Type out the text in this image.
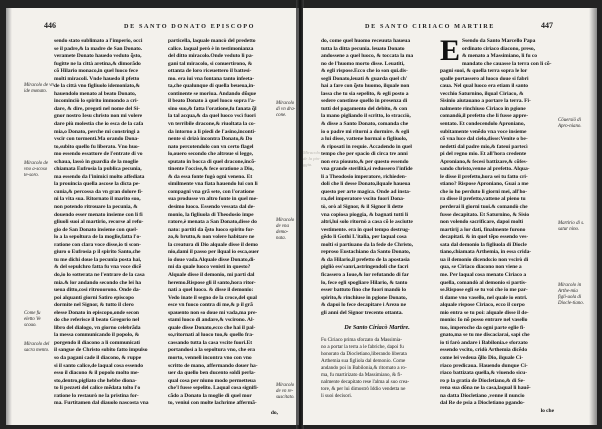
446	DE SANTO DONATO EPISCOPO
sendo stato sublimato a l'imperio, occi
se il padre,& la madre de San Donato.
veramete Donato hauedo veduto q̃sto,
fugitte ne la città aretina,& dimorãdo
cõ Hilario monaco,in quel luoco fece
molti miracoli. Vnde hauedo il pfetto
de la città vno figliuolo idemoniato,&
hauendolo menato al beato Donato,
incominciò lo spirito immondo a cri-
dare, & dire, pregoti nel nome del Si-
gnor nostro Iesu christo non mi volere
dare più molestia che io esca de la cafa
mia,o Donato, perche mi constringi a
vscir con tormenti.Ma orando Dona-
to,subito quello fu liberato. Vno huo-
mo essendo essattore de l'entrate di vo
schaua, lassò in guardia de la moglie
chiamata Eufrosia la publica pecunia,
ma essendo da l'inimici molto affediata
la prouincia quella ascose la dicta pe-
cunia,& percossa da vn gran dolore fi-
ni la vita sua. Ritornato il marito suo,
non potendo ritrouare la pecunia, &
douendo esser menato insieme con li fi
gliuoli suoi al martirio, recorse al refu-
gio de San Donato insieme con quel-
lo a la sepoltura de la moglie,fatta l'o-
ratione con clara voce disse,io ti scon-
giuro o Eufrosia p il spirito Santo,che
tu me dichi doue la pecunia posta hai,
& del sepulchro fatta fu vna voce dicē
do,io lo sotterata ne l'entrare de la casa
mia.& lor andando secondo che lei ha
ueua ditto,cosi ritrouorono. Onde da-
poi alquanti giorni Satiro episcopo
dormite nel Signor, & tutto il clero
elesse Donato in episcopo,onde secon
do che referisce il beato Gregorio nel
libro del dialogo, vn giorno celebrāda
la messa communicando il popolo, &
porgendo il diacono a li communicati
il sangue de Christo subito fatto impulso
so da pagani cade il diacono, & ruppe
si il santo calice,de laqual cosa essendo
esso il diacono & il popolo molto me-
sto,dentro,pigliato che hebbe diona-
to li pezzeti del calice mēdata tolto l'o
ratione lo restaurò ne la pristina for-
ma. Furtitamen dal diauolo nascosta vna
particella, laquale mancò del predetto
calice. laqual però è in testimonianza
del ditto miracolo.Onde veduto li pa-
gani tal miracolo, si conuertirono, &
ottanta de loro riceuettero il battesi-
mo. era iui vna fontana tanto infeeta-
ta,che qualunque di quella beueua,in-
continente se moriua. Andando dūque
il beato Donato à quel luoco sopra l'a-
sino suo,& fatta l'oratione,fu fanata q̃l
la tal acqua,& da quel luoco vscì fuori
vn terribile dracone,& riuoltata la co-
da intorno a li piedi de l'asino,inconti-
nente si drizò incontra Donato,& Do
nato percotendolo con vn certo flagel
lo,ouero secondo che altroue si legge,
sputato in bocca di quel dracone,incō-
tinente l'occise,& fece oratione a Dio,
& da essa fonte fugò ogni veneno. Et
similmente vna fiata hauendo lui con li
compagni vna grā sete, con l'oratione
sua produsse vn altro fonte in quel me-
desimo luoco. Essendo vessata dal de-
monio, la figliuola di Theodosio impe
ratore,è menata a San Donato,disse do
nato: partiti da q̃sto luoco spirito for-
zo,& brutto,& non volere habitare ne
la creatura di Dio alquale disse il demo
nio,dami il passo per ilqual io esca,ouer
io doue vada.Alquale disse Donato,di-
mi da quale luoco venisti in questo?
Alquale disse il demonio, mi parti dal
heremo.Rispose gli il santo,hora ritor-
nati a quel luoco. & disse il demonio:
Vedo inate il segno de la croce,del qual
esce vn fuoco contra di me,& p il grā
spauento non so doue mi vada,ma pre-
stami luoco di andare,& vscirono. Al-
quale disse Donato,ecco che hai il pal-
so,ritornati al luoco tuo,& quello fra-
cassando tutta la casa vscite fuori.Et
portandosi a la sepoltura vno, che era
morto, venneli incontra vno con vno
scritto de mano, affermando douer ha-
uer da quello ben ducento soldi perla-
qual cosa per niuno modo permetteua
che'l fusse sepelito. Laqual cosa signifi-
cādo a Donato la moglie di quel mor
to, veniui con molte lachrime affermā-
do,
Miracolo de vn ide monato.
Miracolo de vno a-scoso te-soro.
Come fu eletto Ve scouo.
Miracolo del sacra mento.
Miracolo di vn dra-cone.
Miracolo de vna demo-nata.
Miracolo de vn re-suscitato.
DE SANTO CIRIACO MARTIRE	447
do, come quel huomo receuuta haueua
tutta la ditta pecunia. leuato Donato
andossene a quel luoco, & toccata la ma
no de l'huomo morto disse. Leuatiti,
& egli rispose.Ecco che io son qui.dis-
segli Donato,leuati & guarda quel ch'
hai a fare con q̃sto huomo, ilquale non
lassa che tu sia sepelito, & egli posto a
sedere constinse quello in presenza di
tutti del pagamento del debito, & con
la mano pigliando il scritto, lo stracciò,
& disse a Santo Donato, comanda che
io o padre mi ritorni a dormire. & egli
a lui disse, vattene hormai o figliuolo,
& riposati in requie. Accadendo in quel
tempo che per spacio di circa tre anni
non era piouuto,& per questo essendo
vna grande sterilità,si redussero l'infide
li a Theodosio imperatore, richieden-
doli che li desse Donato,ilquale haueua
questo per arte magica. Onde ad insta-
ra,del imperatore vscito fuori Dona-
tò, orò al Signor, & il Signor li dette
vna copiosa pioggia, & bagnati tutti li
altri,lui solo ritornò a casa cō le asciutte
vestimente. era in quel tempo destrug-
gēdo li Gothi L'italia, per laqual cosa
molti si partiuano da la fede de Christo,
reproso Eustachiano da Santo Donato,
& da Hilario,il prefetto de la apostasia
pigliò ess'sanri,astringendoli che facri
ficassero a Ioue,& lor refutando di far
lo, fece egli spogliare Hilario, & tanto
esser battuto fino che fuori mandò lo
spirito,& rinchiuse in pgione Donato,
& dapoi lo fece decapitare i Arezo ne
gli anni del Signor trecento ottanta.
De Santo Ciriacò Martire.
Fu Ciriaco prima sforzato da Massimia-
no a portar la terra a le fabriche, dapoi fu
honorato da Diocletiano,liberando liberata
Arthemia sua figliola dal demonio. Come
andando poi in Babilonia,& ritornato a ro-
ma, fu martirizato da Massimiano, & fi-
nalmente decapitato rese l'alma al suo crea-
tore, & per lui dimostrò Iddio vendetta ne
li suoi decisori.
E Ssendo da Santo Marcello Papa
ordinato ciriaco diacono, preso,
& menato a Massimiano, li fu co
mandato che cauasse la terra con li cō-
pagni suoi, & quella terra sopra le lor
spalle portassero al luoco doue si fabri
caua. Nel qual luoco era etiam il santo
vecchio Saturnino, ilqual Ciriaco, &
Sisinio aiutauano a portare la terra. Fi-
nalmente rinchiuso Ciriaco in pgione
comandò,il prefetto che li fusse appre-
sentato. Et condecendolo Aproniano,
subitamente venēdo vna voce insieme
cō vna luce dal cielo,disse:Venite o be-
nedetti dal padre mio,& fateui partecì
pi del regno mio. Et all'hora credente
Aproniano,& fecesi battizare,& cōfes-
sando christo,venne al prefetto. Alqua-
le disse il prefetto,hora sei tu fatto cri-
stiano? Rispose Aproniano, Guai a me
che io ho perduto li giorni mei, all'ho-
ra disse il prefetto,vattene al pieno tu
perderai li giorni tuoi.& comandò che
fusse decapitato. Et Saturnino, & Sisio
non volendo sacrificare, dapoi molti
martirij a lor dati, finalmente furono
decapitati. & in quel tēpo essendo ves-
sata dal demonio la figliuola di Diocle
tiano,chiamata Arthemia, in essa crida-
ua il demonio dicendo:io non vscirò di
qua, se Ciriaco diacono non viene a
me. Per laqual cosa menato Ciriaco a
quella, comandò al demonio si partis-
se.Rispose egli se tu voi che io me par-
ti dame vno vasello, nel quale io entri.
alquale rispose Ciriaco, ecco il corpo
mio entra se tu poi: alquale disse il de-
monio: Io nō posso entrare nel vasello
tuo, imperoche da ogni parte eglie fi-
gnato,ma se tu me discaciarai, sapi che
io ti farò andare i Babilonia.e sforzato
essendo vscito, cridò Arthemia dicēdo
come lei vedeua q̃llo Dio, ilquale Ci-
riaco predicaua. Hauendo dunque Ci-
riaco battizata quella,& viuendo sicu-
ro p la gratia de Diocletiano,& di Se-
rena sua dōna ne la casa,laqual li hauē-
na datta Diocletiano ,venne il nuncio
dal Re de psia a Diocletiano pgando-
lo che
Cōuersiō di Apro-niano.
Martirio di s. satur nino.
Miracolo in Arthe-mia figli-uola di Diocle-tiano.
Miracolo de la pio-ggia.
